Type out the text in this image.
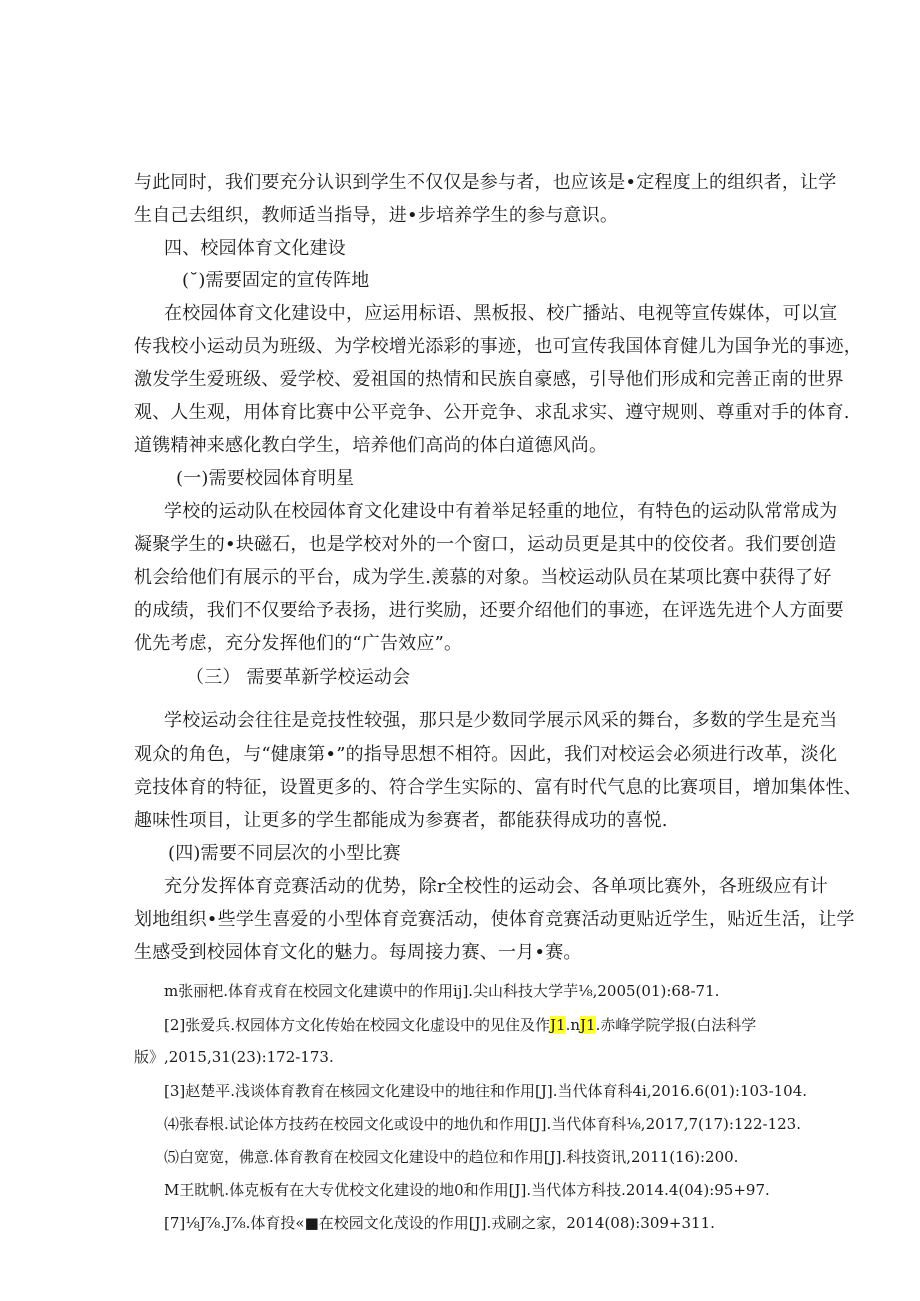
与此同时，我们要充分认识到学生不仅仅是参与者，也应该是•定程度上的组织者，让学
生自己去组织，教师适当指导，进•步培养学生的参与意识。
四、校园体育文化建设
(˘)需要固定的宣传阵地
在校园体育文化建设中，应运用标语、黑板报、校广播站、电视等宣传媒体，可以宣
传我校小运动员为班级、为学校增光添彩的事迹，也可宣传我国体育健儿为国争光的事迹，
激发学生爱班级、爱学校、爱祖国的热情和民族自豪感，引导他们形成和完善正南的世界
观、人生观，用体育比赛中公平竞争、公开竞争、求乱求实、遵守规则、尊重对手的体育.
道镌精神来感化教白学生，培养他们高尚的体白道德风尚。
(一)需要校园体育明星
学校的运动队在校园体育文化建设中有着举足轻重的地位，有特色的运动队常常成为
凝聚学生的•块磁石，也是学校对外的一个窗口，运动员更是其中的佼佼者。我们要创造
机会给他们有展示的平台，成为学生.羡慕的对象。当校运动队员在某项比赛中获得了好
的成绩，我们不仅要给予表扬，进行奖励，还要介绍他们的事迹，在评选先进个人方面要
优先考虑，充分发挥他们的“广告效应”。
（三） 需要革新学校运动会
学校运动会往往是竞技性较强，那只是少数同学展示风采的舞台，多数的学生是充当
观众的角色，与“健康第•”的指导思想不相符。因此，我们对校运会必须进行改革，淡化
竞技体育的特征，设置更多的、符合学生实际的、富有时代气息的比赛项目，增加集体性、
趣味性项目，让更多的学生都能成为参赛者，都能获得成功的喜悦.
(四)需要不同层次的小型比赛
充分发挥体育竞赛活动的优势，除r全校性的运动会、各单项比赛外，各班级应有计
划地组织•些学生喜爱的小型体育竞赛活动，使体育竞赛活动更贴近学生，贴近生活，让学
生感受到校园体育文化的魅力。每周接力赛、一月•赛。
m张丽杷.体育戎育在校园文化建谟中的作用ij].尖山科技大学芋⅛,2005(01):68-71.
[2]张爱兵.权园体方文化传始在校园文化虚设中的见住及作J1.nJ1.赤峰学院学报(白法科学
版》,2015,31(23):172-173.
[3]赵楚平.浅谈体育教育在核园文化建设中的地往和作用[J].当代体育科4i,2016.6(01):103-104.
⑷张春根.试论体方技药在校园文化或设中的地仇和作用[J].当代体育科⅛,2017,7(17):122-123.
⑸白宽宽，佛意.体育教育在校园文化建设中的趋位和作用[J].科技资讯,2011(16):200.
M王眈帆.体克板有在大专优校文化建设的地0和作用[J].当代体方科技.2014.4(04):95+97.
[7]⅛J⅞.J⅞.体育投«■在校园文化茂设的作用[J].戎刷之家，2014(08):309+311.
